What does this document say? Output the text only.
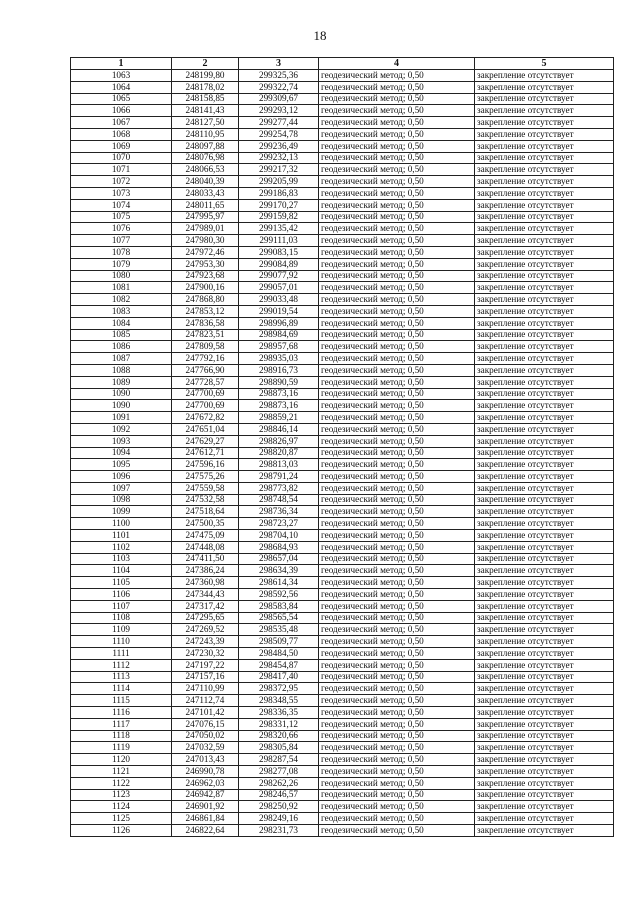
18
1	2	3	4	5
1063	248199,80	299325,36	геодезический метод; 0,50	закрепление отсутствует
1064	248178,02	299322,74	геодезический метод; 0,50	закрепление отсутствует
1065	248158,85	299309,67	геодезический метод; 0,50	закрепление отсутствует
1066	248141,43	299293,12	геодезический метод; 0,50	закрепление отсутствует
1067	248127,50	299277,44	геодезический метод; 0,50	закрепление отсутствует
1068	248110,95	299254,78	геодезический метод; 0,50	закрепление отсутствует
1069	248097,88	299236,49	геодезический метод; 0,50	закрепление отсутствует
1070	248076,98	299232,13	геодезический метод; 0,50	закрепление отсутствует
1071	248066,53	299217,32	геодезический метод; 0,50	закрепление отсутствует
1072	248040,39	299205,99	геодезический метод; 0,50	закрепление отсутствует
1073	248033,43	299186,83	геодезический метод; 0,50	закрепление отсутствует
1074	248011,65	299170,27	геодезический метод; 0,50	закрепление отсутствует
1075	247995,97	299159,82	геодезический метод; 0,50	закрепление отсутствует
1076	247989,01	299135,42	геодезический метод; 0,50	закрепление отсутствует
1077	247980,30	299111,03	геодезический метод; 0,50	закрепление отсутствует
1078	247972,46	299083,15	геодезический метод; 0,50	закрепление отсутствует
1079	247953,30	299084,89	геодезический метод; 0,50	закрепление отсутствует
1080	247923,68	299077,92	геодезический метод; 0,50	закрепление отсутствует
1081	247900,16	299057,01	геодезический метод; 0,50	закрепление отсутствует
1082	247868,80	299033,48	геодезический метод; 0,50	закрепление отсутствует
1083	247853,12	299019,54	геодезический метод; 0,50	закрепление отсутствует
1084	247836,58	298996,89	геодезический метод; 0,50	закрепление отсутствует
1085	247823,51	298984,69	геодезический метод; 0,50	закрепление отсутствует
1086	247809,58	298957,68	геодезический метод; 0,50	закрепление отсутствует
1087	247792,16	298935,03	геодезический метод; 0,50	закрепление отсутствует
1088	247766,90	298916,73	геодезический метод; 0,50	закрепление отсутствует
1089	247728,57	298890,59	геодезический метод; 0,50	закрепление отсутствует
1090	247700,69	298873,16	геодезический метод; 0,50	закрепление отсутствует
1090	247700,69	298873,16	геодезический метод; 0,50	закрепление отсутствует
1091	247672,82	298859,21	геодезический метод; 0,50	закрепление отсутствует
1092	247651,04	298846,14	геодезический метод; 0,50	закрепление отсутствует
1093	247629,27	298826,97	геодезический метод; 0,50	закрепление отсутствует
1094	247612,71	298820,87	геодезический метод; 0,50	закрепление отсутствует
1095	247596,16	298813,03	геодезический метод; 0,50	закрепление отсутствует
1096	247575,26	298791,24	геодезический метод; 0,50	закрепление отсутствует
1097	247559,58	298773,82	геодезический метод; 0,50	закрепление отсутствует
1098	247532,58	298748,54	геодезический метод; 0,50	закрепление отсутствует
1099	247518,64	298736,34	геодезический метод; 0,50	закрепление отсутствует
1100	247500,35	298723,27	геодезический метод; 0,50	закрепление отсутствует
1101	247475,09	298704,10	геодезический метод; 0,50	закрепление отсутствует
1102	247448,08	298684,93	геодезический метод; 0,50	закрепление отсутствует
1103	247411,50	298657,04	геодезический метод; 0,50	закрепление отсутствует
1104	247386,24	298634,39	геодезический метод; 0,50	закрепление отсутствует
1105	247360,98	298614,34	геодезический метод; 0,50	закрепление отсутствует
1106	247344,43	298592,56	геодезический метод; 0,50	закрепление отсутствует
1107	247317,42	298583,84	геодезический метод; 0,50	закрепление отсутствует
1108	247295,65	298565,54	геодезический метод; 0,50	закрепление отсутствует
1109	247269,52	298535,48	геодезический метод; 0,50	закрепление отсутствует
1110	247243,39	298509,77	геодезический метод; 0,50	закрепление отсутствует
1111	247230,32	298484,50	геодезический метод; 0,50	закрепление отсутствует
1112	247197,22	298454,87	геодезический метод; 0,50	закрепление отсутствует
1113	247157,16	298417,40	геодезический метод; 0,50	закрепление отсутствует
1114	247110,99	298372,95	геодезический метод; 0,50	закрепление отсутствует
1115	247112,74	298348,55	геодезический метод; 0,50	закрепление отсутствует
1116	247101,42	298336,35	геодезический метод; 0,50	закрепление отсутствует
1117	247076,15	298331,12	геодезический метод; 0,50	закрепление отсутствует
1118	247050,02	298320,66	геодезический метод; 0,50	закрепление отсутствует
1119	247032,59	298305,84	геодезический метод; 0,50	закрепление отсутствует
1120	247013,43	298287,54	геодезический метод; 0,50	закрепление отсутствует
1121	246990,78	298277,08	геодезический метод; 0,50	закрепление отсутствует
1122	246962,03	298262,26	геодезический метод; 0,50	закрепление отсутствует
1123	246942,87	298246,57	геодезический метод; 0,50	закрепление отсутствует
1124	246901,92	298250,92	геодезический метод; 0,50	закрепление отсутствует
1125	246861,84	298249,16	геодезический метод; 0,50	закрепление отсутствует
1126	246822,64	298231,73	геодезический метод; 0,50	закрепление отсутствует
